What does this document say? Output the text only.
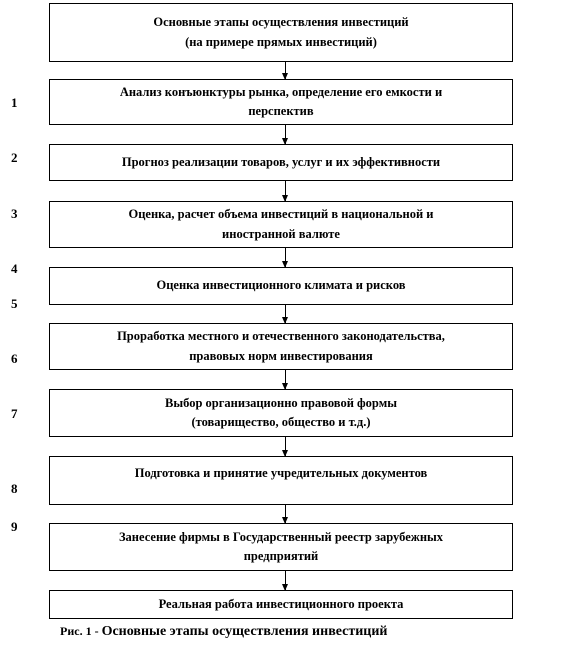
Основные этапы осуществления инвестиций
(на примере прямых инвестиций)
Анализ конъюнктуры рынка, определение его емкости и
перспектив
Прогноз реализации товаров, услуг и их эффективности
Оценка, расчет объема инвестиций в национальной и
иностранной валюте
Оценка инвестиционного климата и рисков
Проработка местного и отечественного законодательства,
правовых норм инвестирования
Выбор организационно правовой формы
(товарищество, общество и т.д.)
Подготовка и принятие учредительных документов
Занесение фирмы в Государственный реестр зарубежных
предприятий
Реальная работа инвестиционного проекта
1
2
3
4
5
6
7
8
9
Рис. 1 - Основные этапы осуществления инвестиций
